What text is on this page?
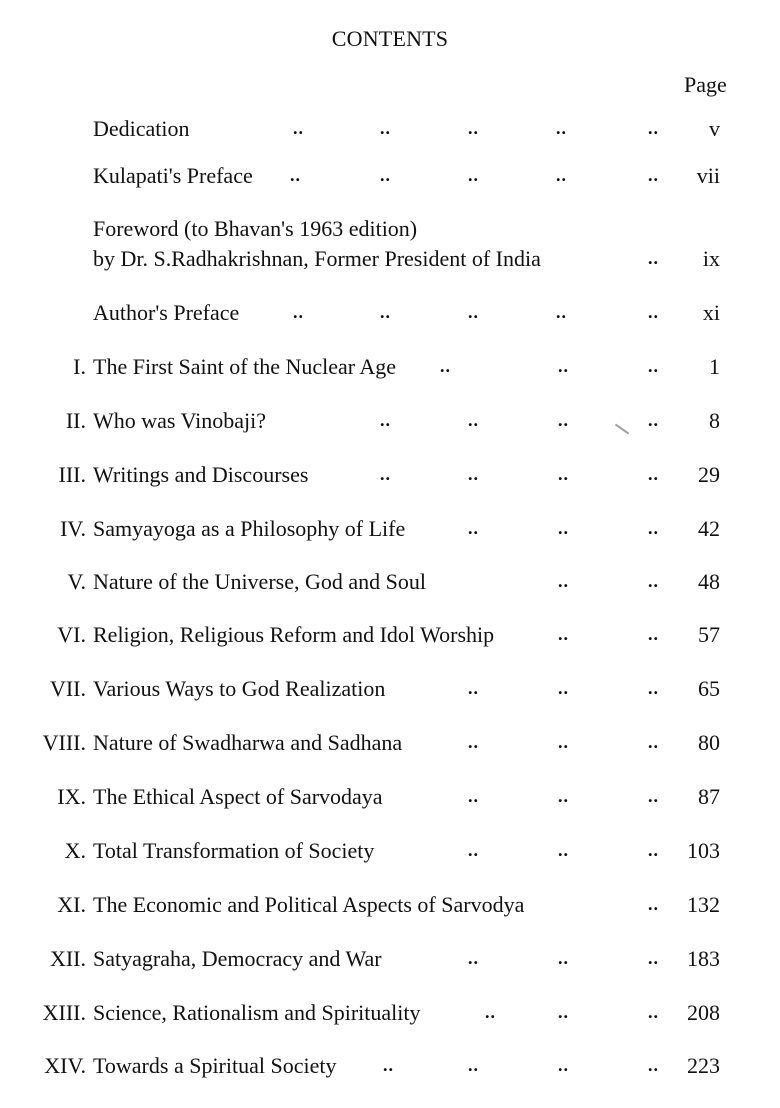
CONTENTS
Page
Dedication	..	..	..	..	.. v
Kulapati's Preface ..	..	..	..	.. vii
Foreword (to Bhavan's 1963 edition)
by Dr. S.Radhakrishnan, Former President of India	.. ix
Author's Preface	..	..	..	..	.. xi
I. The First Saint of the Nuclear Age ..	..	.. 1
II. Who was Vinobaji?	..	..	..	.. 8
III. Writings and Discourses	..	..	..	.. 29
IV. Samyayoga as a Philosophy of Life	..	..	.. 42
V. Nature of the Universe, God and Soul	..	.. 48
VI. Religion, Religious Reform and Idol Worship	..	.. 57
VII. Various Ways to God Realization	..	..	.. 65
VIII. Nature of Swadharwa and Sadhana	..	..	.. 80
IX. The Ethical Aspect of Sarvodaya	..	..	.. 87
X. Total Transformation of Society	..	..	.. 103
XI. The Economic and Political Aspects of Sarvodya	.. 132
XII. Satyagraha, Democracy and War	..	..	.. 183
XIII. Science, Rationalism and Spirituality	..	..	.. 208
XIV. Towards a Spiritual Society	..	..	..	.. 223
